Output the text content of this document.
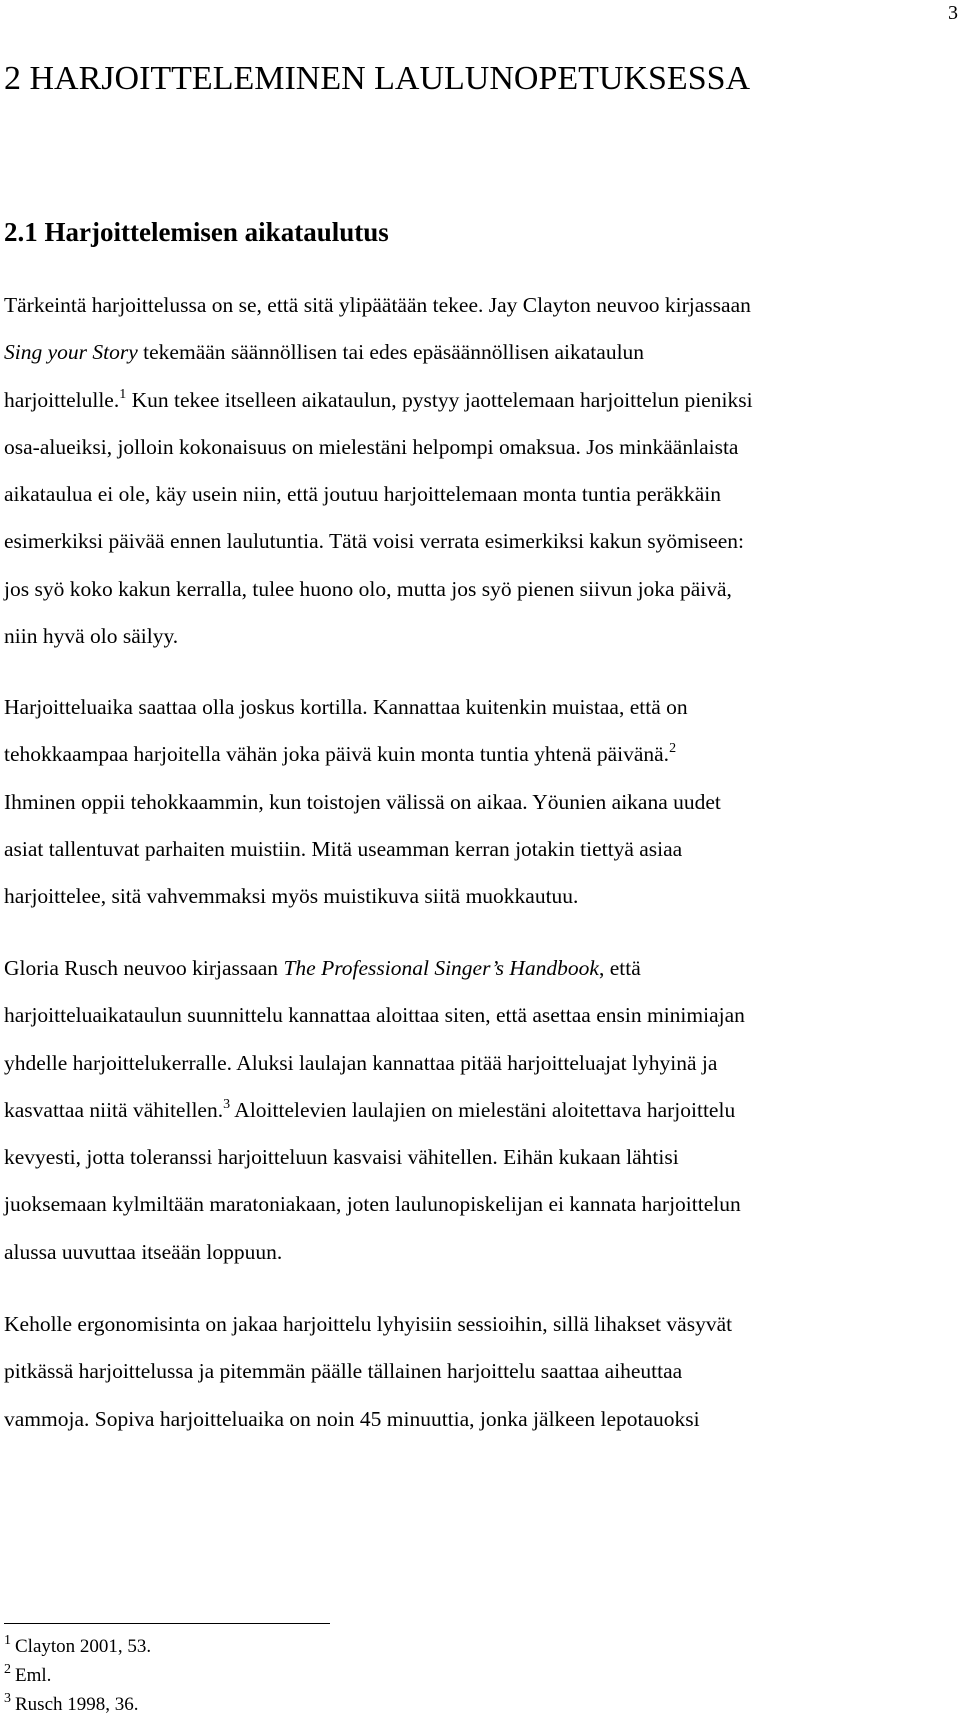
3
2 HARJOITTELEMINEN LAULUNOPETUKSESSA
2.1 Harjoittelemisen aikataulutus
Tärkeintä harjoittelussa on se, että sitä ylipäätään tekee. Jay Clayton neuvoo kirjassaan
Sing your Story tekemään säännöllisen tai edes epäsäännöllisen aikataulun
harjoittelulle.$^1$ Kun tekee itselleen aikataulun, pystyy jaottelemaan harjoittelun pieniksi
osa-alueiksi, jolloin kokonaisuus on mielestäni helpompi omaksua. Jos minkäänlaista
aikataulua ei ole, käy usein niin, että joutuu harjoittelemaan monta tuntia peräkkäin
esimerkiksi päivää ennen laulutuntia. Tätä voisi verrata esimerkiksi kakun syömiseen:
jos syö koko kakun kerralla, tulee huono olo, mutta jos syö pienen siivun joka päivä,
niin hyvä olo säilyy.
Harjoitteluaika saattaa olla joskus kortilla. Kannattaa kuitenkin muistaa, että on
tehokkaampaa harjoitella vähän joka päivä kuin monta tuntia yhtenä päivänä.$^2$
Ihminen oppii tehokkaammin, kun toistojen välissä on aikaa. Yöunien aikana uudet
asiat tallentuvat parhaiten muistiin. Mitä useamman kerran jotakin tiettyä asiaa
harjoittelee, sitä vahvemmaksi myös muistikuva siitä muokkautuu.
Gloria Rusch neuvoo kirjassaan The Professional Singer’s Handbook, että
harjoitteluaikataulun suunnittelu kannattaa aloittaa siten, että asettaa ensin minimiajan
yhdelle harjoittelukerralle. Aluksi laulajan kannattaa pitää harjoitteluajat lyhyinä ja
kasvattaa niitä vähitellen.$^3$ Aloittelevien laulajien on mielestäni aloitettava harjoittelu
kevyesti, jotta toleranssi harjoitteluun kasvaisi vähitellen. Eihän kukaan lähtisi
juoksemaan kylmiltään maratoniakaan, joten laulunopiskelijan ei kannata harjoittelun
alussa uuvuttaa itseään loppuun.
Keholle ergonomisinta on jakaa harjoittelu lyhyisiin sessioihin, sillä lihakset väsyvät
pitkässä harjoittelussa ja pitemmän päälle tällainen harjoittelu saattaa aiheuttaa
vammoja. Sopiva harjoitteluaika on noin 45 minuuttia, jonka jälkeen lepotauoksi
$^1$ Clayton 2001, 53.
$^2$ Eml.
$^3$ Rusch 1998, 36.
